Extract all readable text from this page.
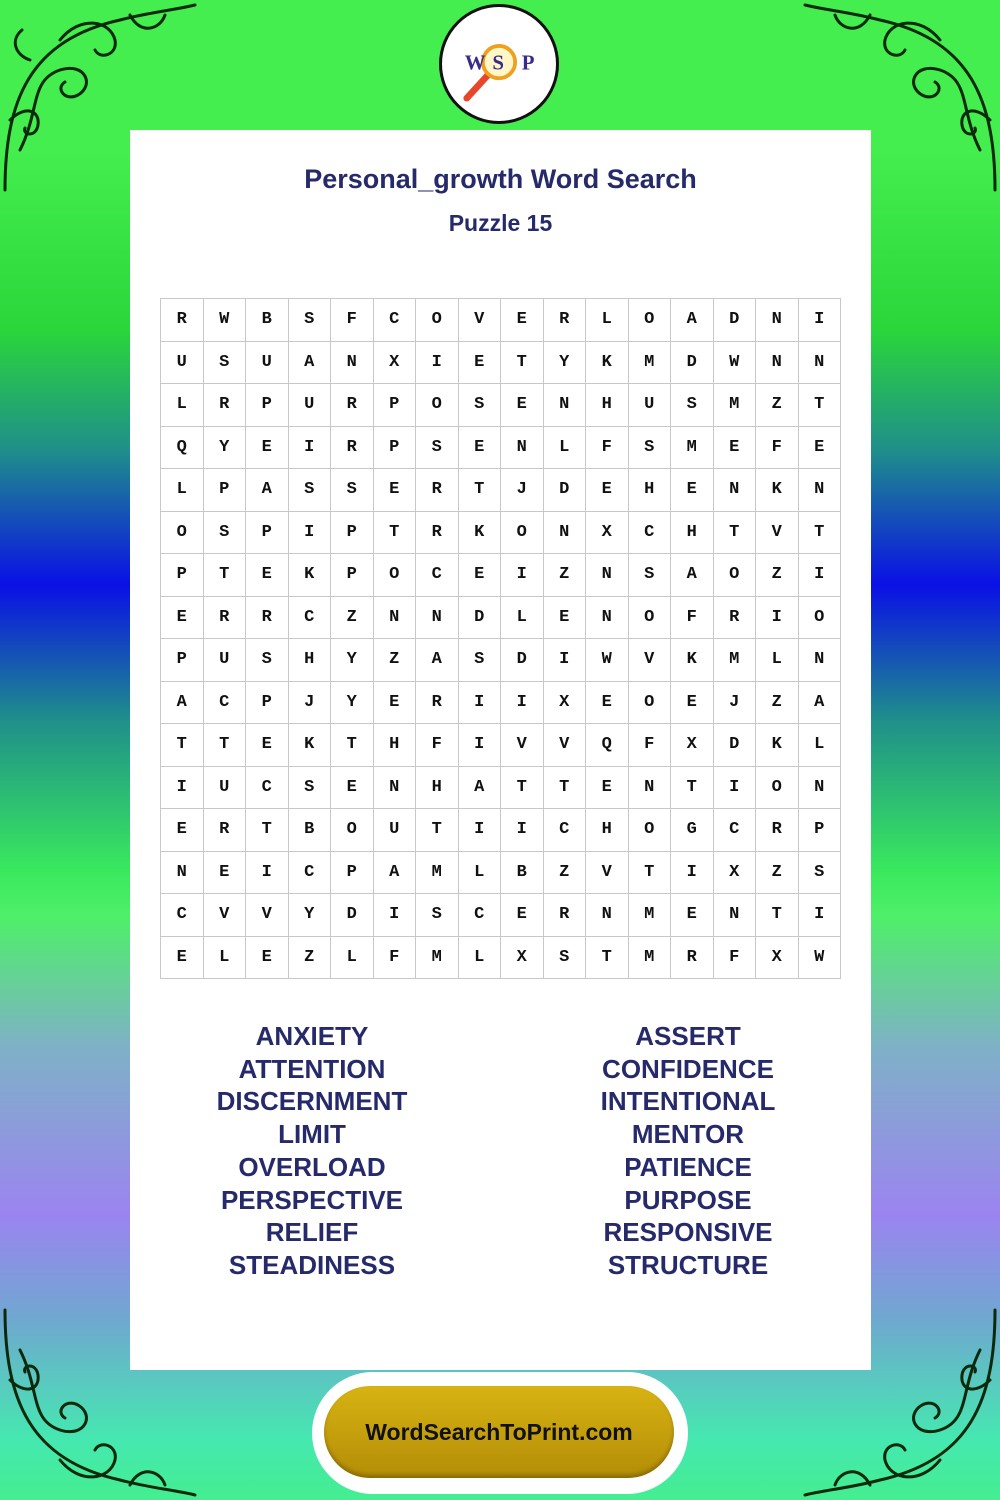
W S P
Personal_growth Word Search
Puzzle 15
R	W	B	S	F	C	O	V	E	R	L	O	A	D	N	I
U	S	U	A	N	X	I	E	T	Y	K	M	D	W	N	N
L	R	P	U	R	P	O	S	E	N	H	U	S	M	Z	T
Q	Y	E	I	R	P	S	E	N	L	F	S	M	E	F	E
L	P	A	S	S	E	R	T	J	D	E	H	E	N	K	N
O	S	P	I	P	T	R	K	O	N	X	C	H	T	V	T
P	T	E	K	P	O	C	E	I	Z	N	S	A	O	Z	I
E	R	R	C	Z	N	N	D	L	E	N	O	F	R	I	O
P	U	S	H	Y	Z	A	S	D	I	W	V	K	M	L	N
A	C	P	J	Y	E	R	I	I	X	E	O	E	J	Z	A
T	T	E	K	T	H	F	I	V	V	Q	F	X	D	K	L
I	U	C	S	E	N	H	A	T	T	E	N	T	I	O	N
E	R	T	B	O	U	T	I	I	C	H	O	G	C	R	P
N	E	I	C	P	A	M	L	B	Z	V	T	I	X	Z	S
C	V	V	Y	D	I	S	C	E	R	N	M	E	N	T	I
E	L	E	Z	L	F	M	L	X	S	T	M	R	F	X	W
ANXIETY
ATTENTION
DISCERNMENT
LIMIT
OVERLOAD
PERSPECTIVE
RELIEF
STEADINESS
ASSERT
CONFIDENCE
INTENTIONAL
MENTOR
PATIENCE
PURPOSE
RESPONSIVE
STRUCTURE
WordSearchToPrint.com
